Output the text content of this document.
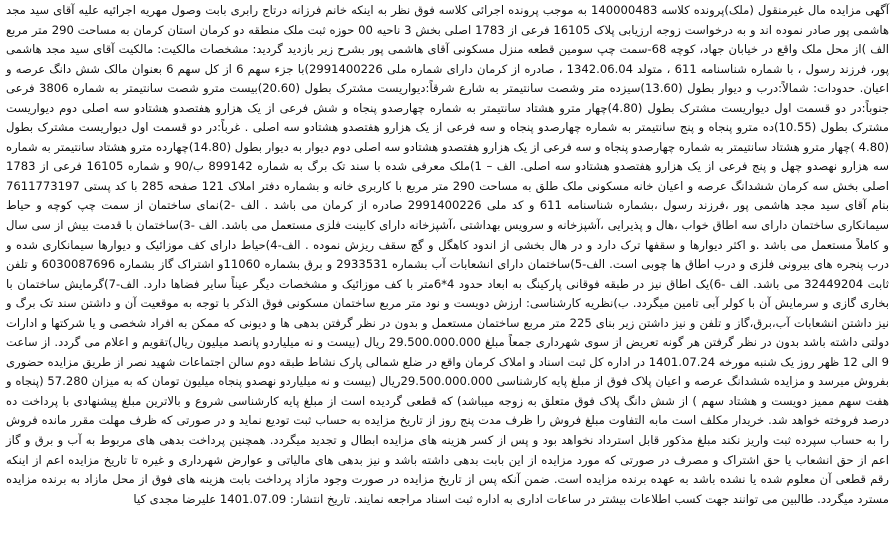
آگهی مزایده مال غیرمنقول (ملک)پرونده کلاسه 140000483 به موجب پرونده اجرائی کلاسه فوق نظر به اینکه خانم فرزانه درتاج رابری بابت وصول مهریه اجرائیه علیه آقای سید مجد هاشمی پور صادر نموده اند و به درخواست زوجه ارزیابی پلاک 16105 فرعی از 1783 اصلی بخش 3 ناحیه 00 حوزه ثبت ملک منطقه دو کرمان استان کرمان به مساحت 290 متر مربع الف )از محل ملک واقع در خیابان جهاد، کوچه 68-سمت چپ سومین قطعه منزل مسکونی آقای هاشمی پور بشرح زیر بازدید گردید: مشخصات مالکیت: مالکیت آقای سید مجد هاشمی پور، فرزند رسول ، با شماره شناسنامه 611 ، متولد 1342.06.04 ، صادره از کرمان دارای شماره ملی 2991400226)با جزء سهم 6 از کل سهم 6 بعنوان مالک شش دانگ عرصه و اعیان. حدودات: شمالاً:درب و دیوار بطول (13.60)سیزده متر وشصت سانتیمتر به شارع شرقاً:دیواریست مشترک بطول (20.60)بیست مترو شصت سانتیمتر به شماره 3806 فرعی جنوباً:در دو قسمت اول دیواریست مشترک بطول (4.80)چهار مترو هشتاد سانتیمتر به شماره چهارصدو پنجاه و شش فرعی از یک هزارو هفتصدو هشتادو سه اصلی دوم دیواریست مشترک بطول (10.55)ده مترو پنجاه و پنج سانتیمتر به شماره چهارصدو پنجاه و سه فرعی از یک هزارو هفتصدو هشتادو سه اصلی . غرباً:در دو قسمت اول دیواریست مشترک بطول (4.80 )چهار مترو هشتاد سانتیمتر به شماره چهارصدو پنجاه و سه فرعی از یک هزارو هفتصدو هشتادو سه اصلی دوم دیوار به دیوار بطول (14.80)چهارده مترو هشتاد سانتیمتر به شماره سه هزارو نهصدو چهل و پنج فرعی از یک هزارو هفتصدو هشتادو سه اصلی. الف – 1)ملک معرفی شده با سند تک برگ به شماره 899142 ب/90 و شماره 16105 فرعی از 1783 اصلی بخش سه کرمان ششدانگ عرصه و اعیان خانه مسکونی ملک طلق به مساحت 290 متر مربع با کاربری خانه و بشماره دفتر املاک 121 صفحه 285 با کد پستی 7611773197 بنام آقای سید مجد هاشمی پور ،فرزند رسول ،بشماره شناسنامه 611 و کد ملی 2991400226 صادره از کرمان می باشد . الف -2)نمای ساختمان از سمت چپ کوچه و حیاط سیمانکاری ساختمان دارای سه اطاق خواب ،هال و پذیرایی ،آشپزخانه و سرویس بهداشتی ،آشپزخانه دارای کابینت فلزی مستعمل می باشد. الف -3)ساختمان با قدمت بیش از سی سال و کاملاً مستعمل می باشد .و اکثر دیوارها و سقفها ترک دارد و در هال بخشی از اندود کاهگل و گچ سقف ریزش نموده . الف-4)حیاط دارای کف موزائیک و دیوارها سیمانکاری شده و درب پنجره های بیرونی فلزی و درب اطاق ها چوبی است. الف-5)ساختمان دارای انشعابات آب بشماره 2933531 و برق بشماره 11060و اشتراک گاز بشماره 6030087696 و تلفن ثابت 32449204 می باشد. الف -6)یک اطاق نیز در طبقه فوقانی پارکینگ به ابعاد حدود 4*6متر با کف موزائیک و مشخصات دیگر عیناً سایر فضاها دارد. الف-7)گرمایش ساختمان با بخاری گازی و سرمایش آن با کولر آبی تامین میگردد. ب)نظریه کارشناسی: ارزش دویست و نود متر مربع ساختمان مسکونی فوق الذکر با توجه به موقعیت آن و داشتن سند تک برگ و نیز داشتن انشعابات آب،برق،گاز و تلفن و نیز داشتن زیر بنای 225 متر مربع ساختمان مستعمل و بدون در نظر گرفتن بدهی ها و دیونی که ممکن به افراد شخصی و یا شرکتها و ادارات دولتی داشته باشد بدون در نظر گرفتن هر گونه تعریض از سوی شهرداری جمعاً مبلغ 29.500.000.000 ریال (بیست و نه میلیاردو پانصد میلیون ریال)تقویم و اعلام می گردد. از ساعت 9 الی 12 ظهر روز یک شنبه مورخه 1401.07.24 در اداره کل ثبت اسناد و املاک کرمان واقع در ضلع شمالی پارک نشاط طبقه دوم سالن اجتماعات شهید نصر از طریق مزایده حضوری بفروش میرسد و مزایده ششدانگ عرصه و اعیان پلاک فوق از مبلغ پایه کارشناسی 29.500.000.000ریال (بیست و نه میلیاردو نهصدو پنجاه میلیون تومان که به میزان 57.280 (پنجاه و هفت سهم ممیز دویست و هشتاد سهم ) از شش دانگ پلاک فوق متعلق به زوجه میباشد) که قطعی گردیده است از مبلغ پایه کارشناسی شروع و بالاترین مبلغ پیشنهادی با پرداخت ده درصد فروخته خواهد شد. خریدار مکلف است مابه التفاوت مبلغ فروش را ظرف مدت پنج روز از تاریخ مزایده به حساب ثبت تودیع نماید و در صورتی که ظرف مهلت مقرر مانده فروش را به حساب سپرده ثبت واریز نکند مبلغ مذکور قابل استرداد نخواهد بود و پس از کسر هزینه های مزایده ابطال و تجدید میگردد. همچنین پرداخت بدهی های مربوط به آب و برق و گاز اعم از حق انشعاب یا حق اشتراک و مصرف در صورتی که مورد مزایده از این بابت بدهی داشته باشد و نیز بدهی های مالیاتی و عوارض شهرداری و غیره تا تاریخ مزایده اعم از اینکه رقم قطعی آن معلوم شده یا نشده باشد به عهده برنده مزایده است. ضمن آنکه پس از تاریخ مزایده در صورت وجود مازاد پرداخت بابت هزینه های فوق از محل مازاد به برنده مزایده مسترد میگردد. طالبین می توانند جهت کسب اطلاعات بیشتر در ساعات اداری به اداره ثبت اسناد مراجعه نمایند. تاریخ انتشار: 1401.07.09 علیرضا مجدی کیا
